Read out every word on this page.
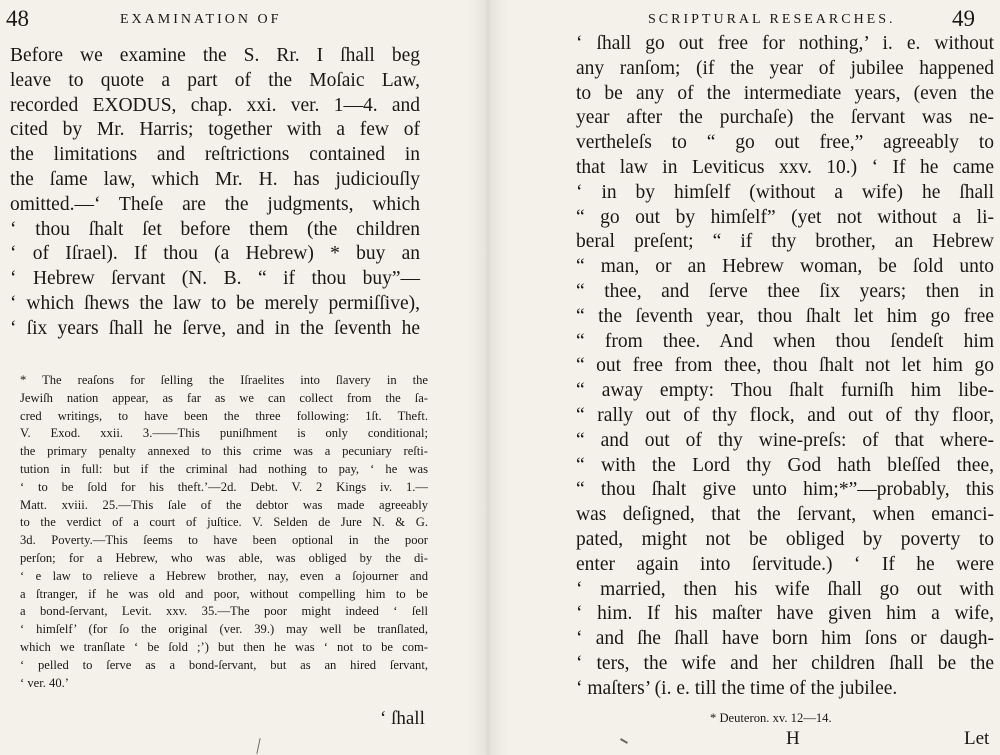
48	EXAMINATION OF
Before we examine the S. Rr. I ſhall beg
leave to quote a part of the Moſaic Law,
recorded EXODUS, chap. xxi. ver. 1—4. and
cited by Mr. Harris; together with a few of
the limitations and reſtrictions contained in
the ſame law, which Mr. H. has judiciouſly
omitted.—‘ Theſe are the judgments, which
‘ thou ſhalt ſet before them (the children
‘ of Iſrael). If thou (a Hebrew) * buy an
‘ Hebrew ſervant (N. B. “ if thou buy”—
‘ which ſhews the law to be merely permiſſive),
‘ ſix years ſhall he ſerve, and in the ſeventh he
* The reaſons for ſelling the Iſraelites into ſlavery in the
Jewiſh nation appear, as far as we can collect from the ſa-
cred writings, to have been the three following: 1ſt. Theft.
V. Exod. xxii. 3.——This puniſhment is only conditional;
the primary penalty annexed to this crime was a pecuniary reſti-
tution in full: but if the criminal had nothing to pay, ‘ he was
‘ to be ſold for his theft.’—2d. Debt. V. 2 Kings iv. 1.—
Matt. xviii. 25.—This ſale of the debtor was made agreeably
to the verdict of a court of juſtice. V. Selden de Jure N. & G.
3d. Poverty.—This ſeems to have been optional in the poor
perſon; for a Hebrew, who was able, was obliged by the di-
‘ e law to relieve a Hebrew brother, nay, even a ſojourner and
a ſtranger, if he was old and poor, without compelling him to be
a bond-ſervant, Levit. xxv. 35.—The poor might indeed ‘ ſell
‘ himſelf’ (for ſo the original (ver. 39.) may well be tranſlated,
which we tranſlate ‘ be ſold ;’) but then he was ‘ not to be com-
‘ pelled to ſerve as a bond-ſervant, but as an hired ſervant,
‘ ver. 40.’
‘ ſhall
SCRIPTURAL RESEARCHES. 49
‘ ſhall go out free for nothing,’ i. e. without
any ranſom; (if the year of jubilee happened
to be any of the intermediate years, (even the
year after the purchaſe) the ſervant was ne-
vertheleſs to “ go out free,” agreeably to
that law in Leviticus xxv. 10.) ‘ If he came
‘ in by himſelf (without a wife) he ſhall
“ go out by himſelf” (yet not without a li-
beral preſent; “ if thy brother, an Hebrew
“ man, or an Hebrew woman, be ſold unto
“ thee, and ſerve thee ſix years; then in
“ the ſeventh year, thou ſhalt let him go free
“ from thee. And when thou ſendeſt him
“ out free from thee, thou ſhalt not let him go
“ away empty: Thou ſhalt furniſh him libe-
“ rally out of thy flock, and out of thy floor,
“ and out of thy wine-preſs: of that where-
“ with the Lord thy God hath bleſſed thee,
“ thou ſhalt give unto him;*”—probably, this
was deſigned, that the ſervant, when emanci-
pated, might not be obliged by poverty to
enter again into ſervitude.) ‘ If he were
‘ married, then his wife ſhall go out with
‘ him. If his maſter have given him a wife,
‘ and ſhe ſhall have born him ſons or daugh-
‘ ters, the wife and her children ſhall be the
‘ maſters’ (i. e. till the time of the jubilee.
* Deuteron. xv. 12—14.
H	Let
